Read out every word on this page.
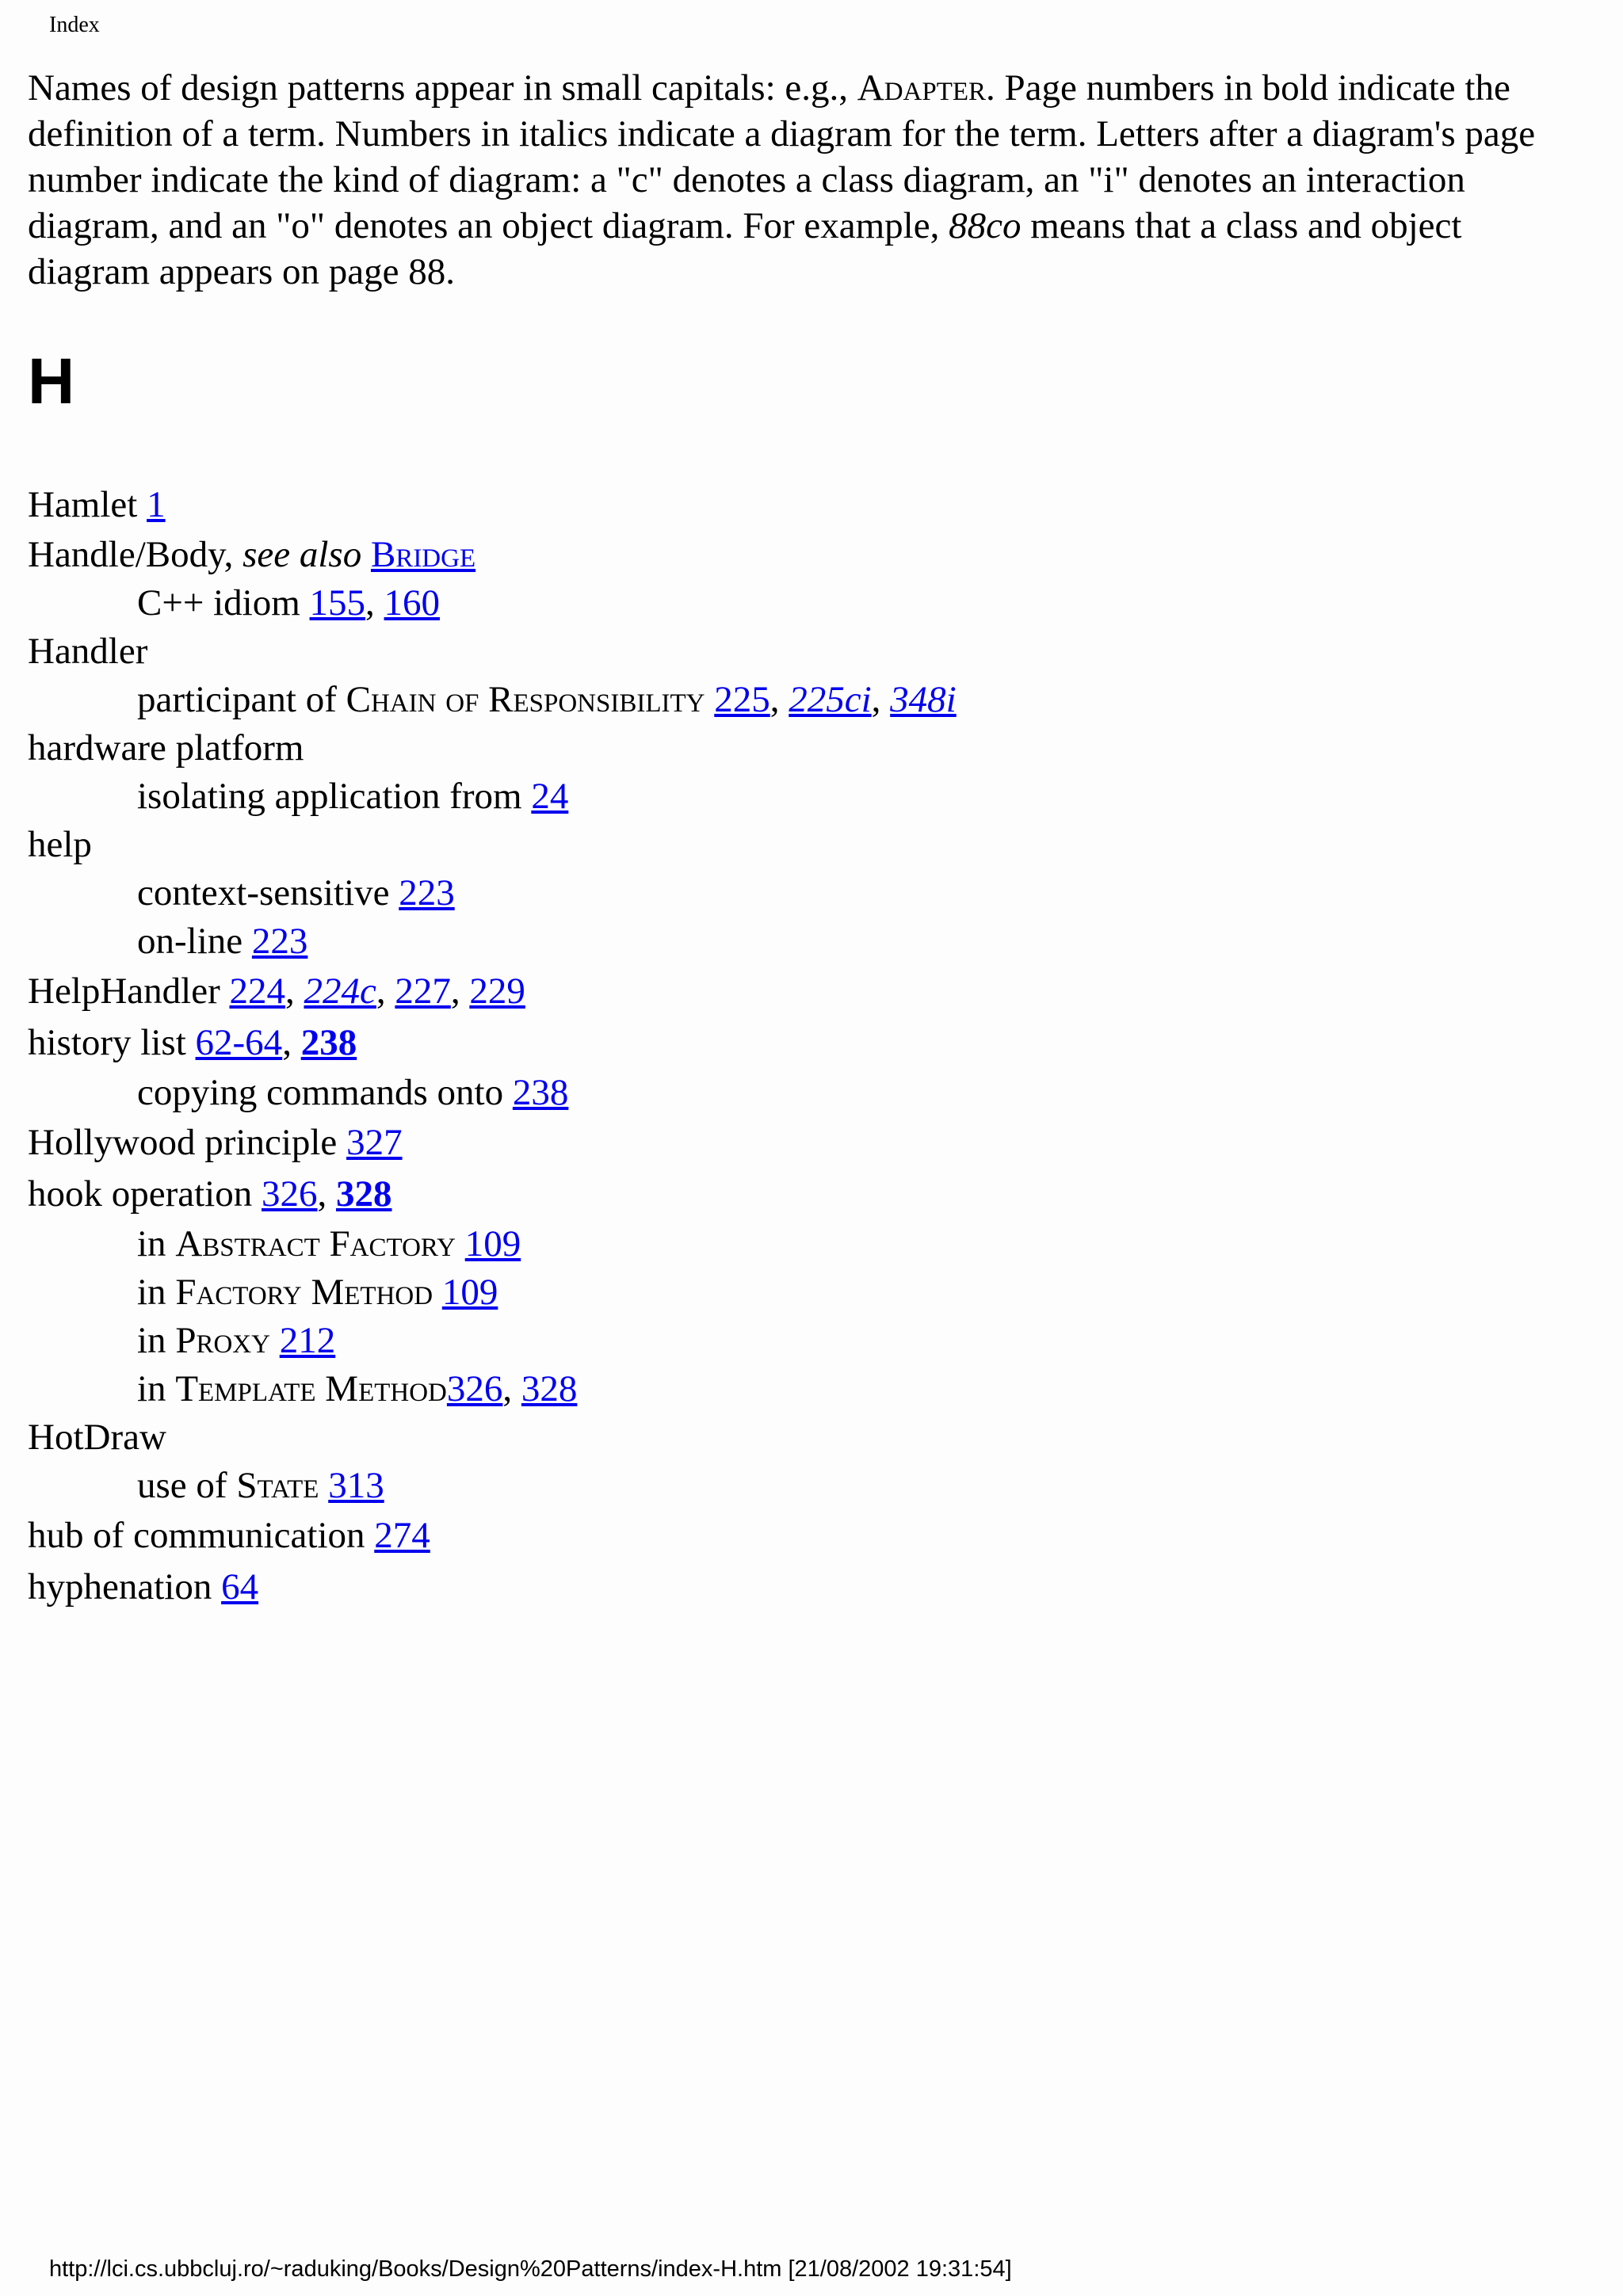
Index
Names of design patterns appear in small capitals: e.g., Adapter. Page numbers in bold indicate the definition of a term. Numbers in italics indicate a diagram for the term. Letters after a diagram's page number indicate the kind of diagram: a "c" denotes a class diagram, an "i" denotes an interaction diagram, and an "o" denotes an object diagram. For example, 88co means that a class and object diagram appears on page 88.
H
Hamlet 1
Handle/Body, see also Bridge
C++ idiom 155, 160
Handler
participant of Chain of Responsibility 225, 225ci, 348i
hardware platform
isolating application from 24
help
context-sensitive 223
on-line 223
HelpHandler 224, 224c, 227, 229
history list 62-64, 238
copying commands onto 238
Hollywood principle 327
hook operation 326, 328
in Abstract Factory 109
in Factory Method 109
in Proxy 212
in Template Method326, 328
HotDraw
use of State 313
hub of communication 274
hyphenation 64
http://lci.cs.ubbcluj.ro/~raduking/Books/Design%20Patterns/index-H.htm [21/08/2002 19:31:54]
